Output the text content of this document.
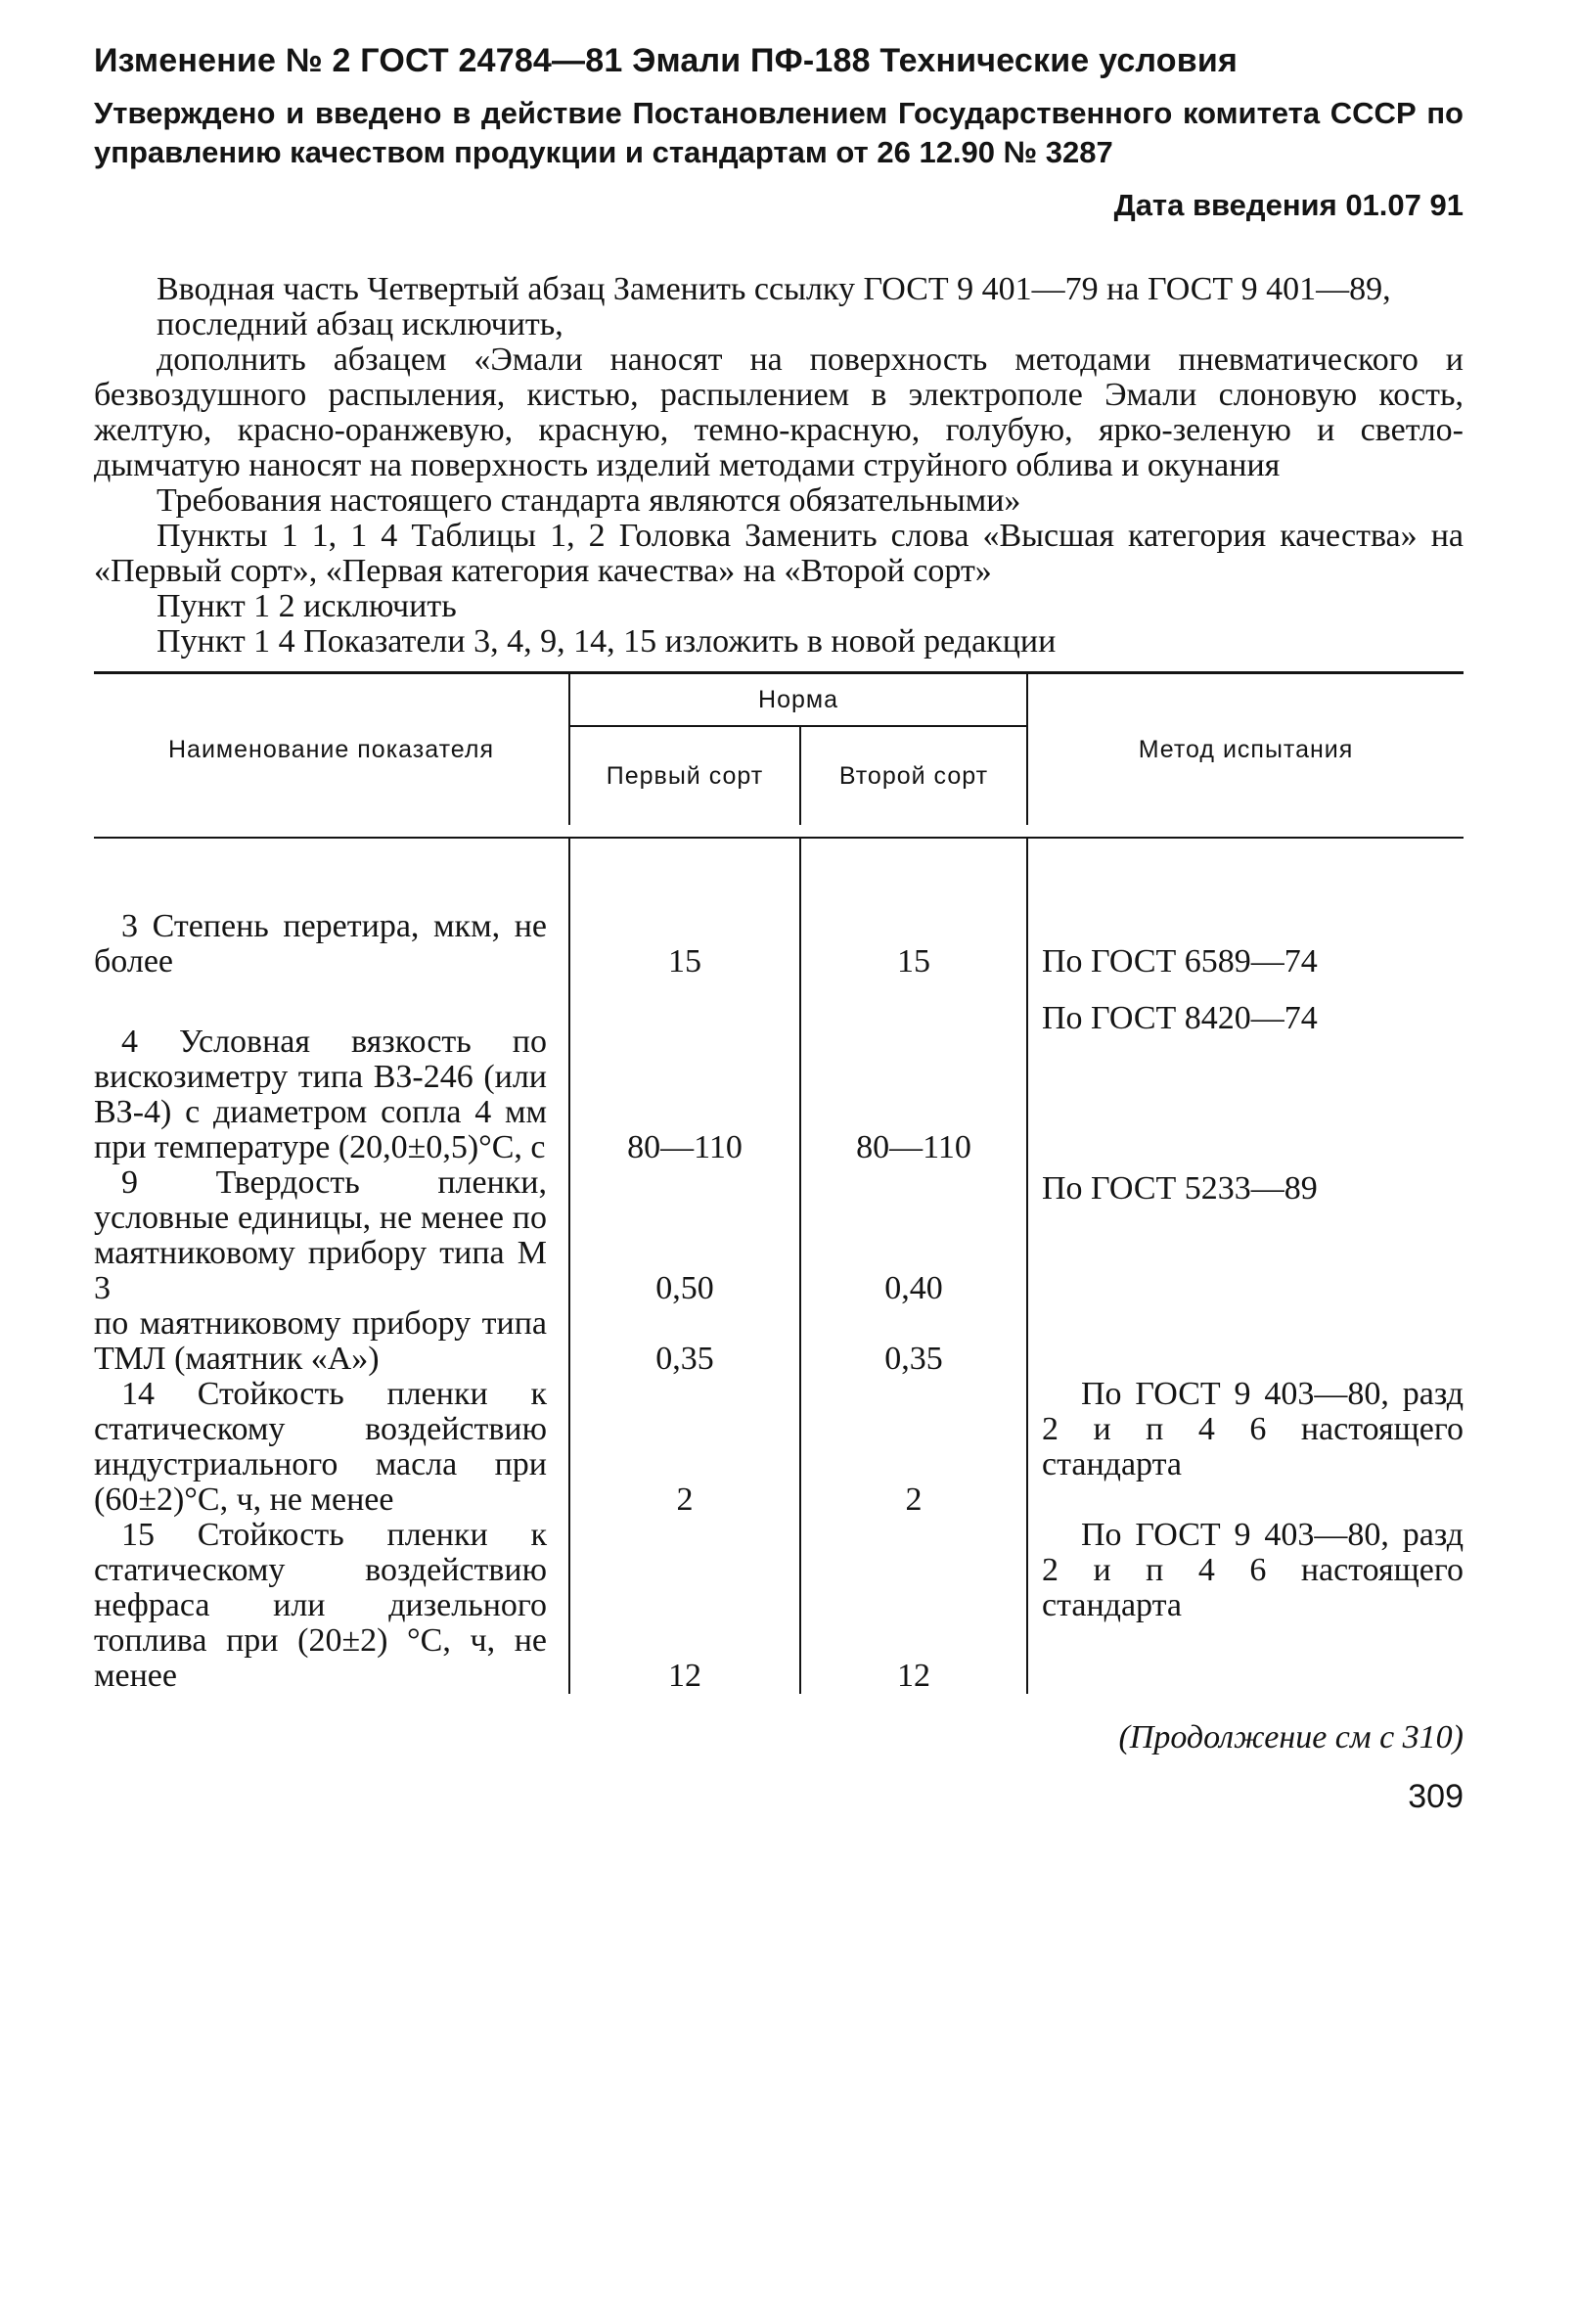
Изменение № 2 ГОСТ 24784—81 Эмали ПФ-188 Технические условия
Утверждено и введено в действие Постановлением Государственного комитета СССР по управлению качеством продукции и стандартам от 26 12.90 № 3287
Дата введения 01.07 91

Вводная часть Четвертый абзац Заменить ссылку ГОСТ 9 401—79 на ГОСТ 9 401—89,

последний абзац исключить,

дополнить абзацем «Эмали наносят на поверхность методами пневматического и безвоздушного распыления, кистью, распылением в электрополе Эмали слоновую кость, желтую, красно-оранжевую, красную, темно-красную, голубую, ярко-зеленую и светло-дымчатую наносят на поверхность изделий методами струйного облива и окунания

Требования настоящего стандарта являются обязательными»

Пункты 1 1, 1 4 Таблицы 1, 2 Головка Заменить слова «Высшая категория качества» на «Первый сорт», «Первая категория качества» на «Второй сорт»

Пункт 1 2 исключить

Пункт 1 4 Показатели 3, 4, 9, 14, 15 изложить в новой редакции

Наименование показателя	Норма		Метод испытания
	Первый сорт	Второй сорт	

3 Степень перетира, мкм, не более	15	15	По ГОСТ 6589—74

4 Условная вязкость по вискозиметру типа ВЗ-246 (или ВЗ-4) с диаметром сопла 4 мм при температуре (20,0±0,5)°С, с	80—110	80—110	По ГОСТ 8420—74

9 Твердость пленки, условные единицы, не менее по маятниковому прибору типа М 3	0,50	0,40	По ГОСТ 5233—89

по маятниковому прибору типа ТМЛ (маятник «А»)	0,35	0,35	

14 Стойкость пленки к статическому воздействию индустриального масла при (60±2)°С, ч, не менее	2	2	По ГОСТ 9 403—80, разд 2 и п 4 6 настоящего стандарта

15 Стойкость пленки к статическому воздействию нефраса или дизельного топлива при (20±2) °С, ч, не менее	12	12	По ГОСТ 9 403—80, разд 2 и п 4 6 настоящего стандарта
(Продолжение см с 310)
309
